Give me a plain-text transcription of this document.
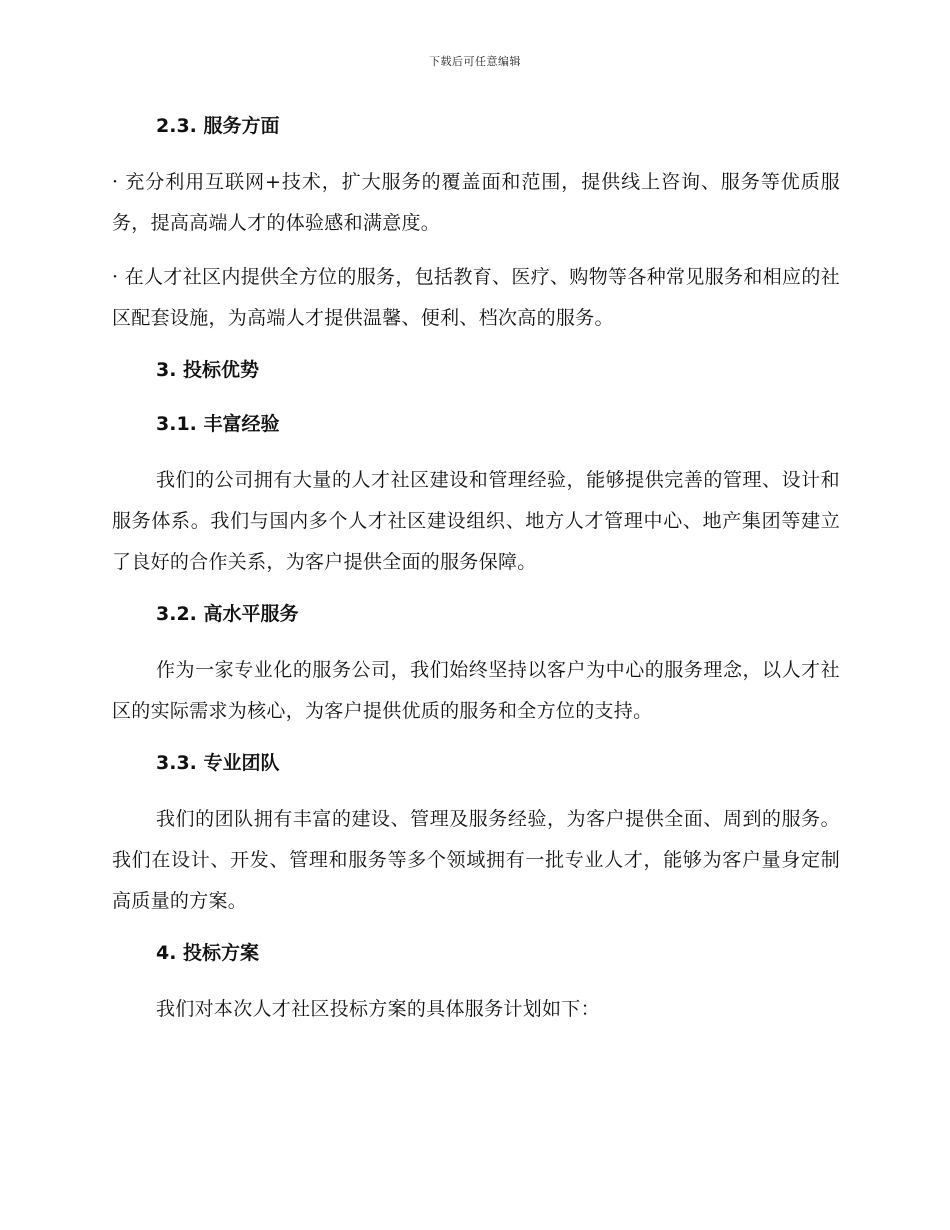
下载后可任意编辑
2.3. 服务方面
· 充分利用互联网+技术，扩大服务的覆盖面和范围，提供线上咨询、服务等优质服务，提高高端人才的体验感和满意度。
· 在人才社区内提供全方位的服务，包括教育、医疗、购物等各种常见服务和相应的社区配套设施，为高端人才提供温馨、便利、档次高的服务。
3. 投标优势
3.1. 丰富经验
我们的公司拥有大量的人才社区建设和管理经验，能够提供完善的管理、设计和服务体系。我们与国内多个人才社区建设组织、地方人才管理中心、地产集团等建立了良好的合作关系，为客户提供全面的服务保障。
3.2. 高水平服务
作为一家专业化的服务公司，我们始终坚持以客户为中心的服务理念，以人才社区的实际需求为核心，为客户提供优质的服务和全方位的支持。
3.3. 专业团队
我们的团队拥有丰富的建设、管理及服务经验，为客户提供全面、周到的服务。我们在设计、开发、管理和服务等多个领域拥有一批专业人才，能够为客户量身定制高质量的方案。
4. 投标方案
我们对本次人才社区投标方案的具体服务计划如下：
